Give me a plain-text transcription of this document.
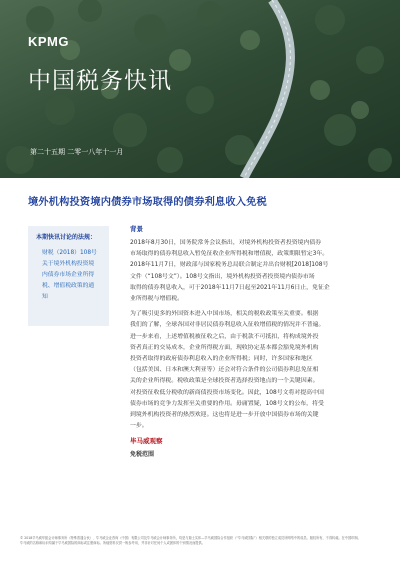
KPMG
中国税务快讯
第二十五期 二零一八年十一月
境外机构投资境内债券市场取得的债券利息收入免税
本期快讯讨论的法规：
财税（2018）108号
关于境外机构投资境
内债券市场企业所得
税、增值税政策的通
知
背景

2018年8月30日，国务院常务会议指出，对境外机构投资者投资境内债券

市场取得的债券利息收入暂免征收企业所得税和增值税，政策期限暂定3年。

2018年11月7日，财政部与国家税务总局联合制定并出台财税[2018]108号

文件（“108号文”）。108号文指出，境外机构投资者投资境内债券市场

取得的债券利息收入，可于2018年11月7日起至2021年11月6日止，免征企

业所得税与增值税。

为了吸引更多的外国资本进入中国市场，相关的税收政策至关重要。根据

我们的了解，全球各国对非居民债券利息收入征收增值税的情况并不普遍。

进一步来看，上述增值税被征收之后，由于税款不可抵扣，将构成境外投

资者真正的交易成本，企业所得税方面，现收协定基本都会豁免境外机构

投资者取得的政府债券利息收入的企业所得税；同时，许多国家和地区

（包括美国、日本和澳大利亚等）还会对符合条件的公司债券利息免征相

关的企业所得税。税收政策是全球投资者选择投资地点的一个关键因素。

对投资征收低分税收的新商债投资市场变化。因此，108号文将对提高中国

债券市场的竞争力发挥至关重要的作用。毋庸置疑，108号文的公布，将受

到境外机构投资者的热烈欢迎。这也将是进一步开放中国债券市场的关键

一步。

毕马威观察
免税范围
© 2018毕马威华振会计师事务所（特殊普通合伙）、毕马威企业咨询（中国）有限公司及毕马威会计师事务所，均是与瑞士实体—毕马威国际合作组织（“毕马威国际”）相关联的独立成员所网络中的成员。版权所有，不得转载。在中国印制。
毕马威的名称和标识均属于毕马威国际的商标或注册商标。所载资料仅供一般参考用，并非针对任何个人或团体的个别情况而提供。
